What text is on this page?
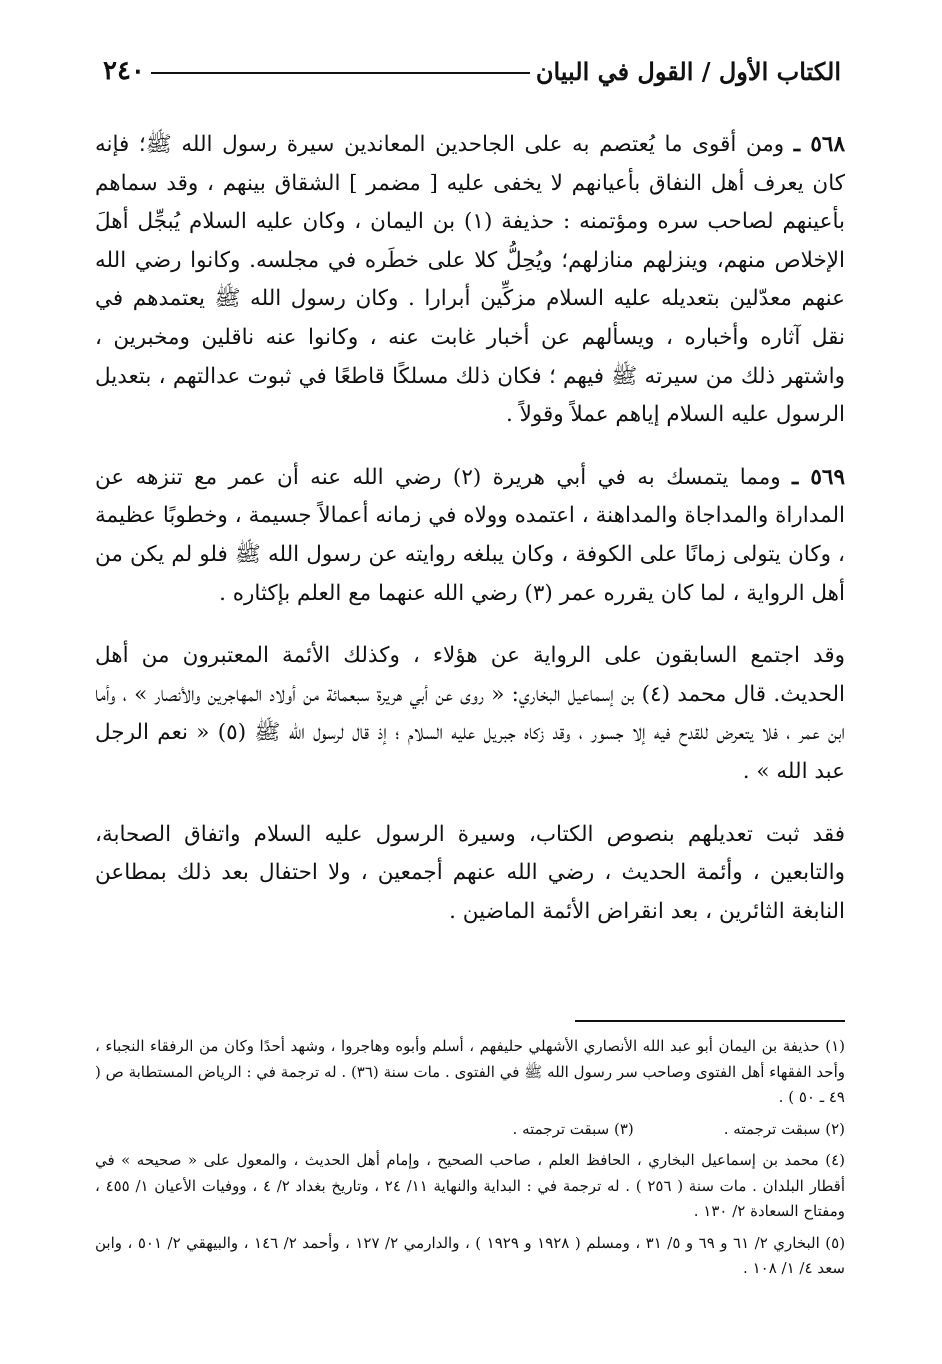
الكتاب الأول / القول في البيان
٢٤٠

٥٦٨ ـ ومن أقوى ما يُعتصم به على الجاحدين المعاندين سيرة رسول الله ﷺ؛ فإنه كان يعرف أهل النفاق بأعيانهم لا يخفى عليه [ مضمر ] الشقاق بينهم ، وقد سماهم بأعينهم لصاحب سره ومؤتمنه : حذيفة (١) بن اليمان ، وكان عليه السلام يُبجِّل أهلَ الإخلاص منهم، وينزلهم منازلهم؛ ويُحِلُّ كلا على خطَره في مجلسه. وكانوا رضي الله عنهم معدّلين بتعديله عليه السلام مزكِّين أبرارا . وكان رسول الله ﷺ يعتمدهم في نقل آثاره وأخباره ، ويسألهم عن أخبار غابت عنه ، وكانوا عنه ناقلين ومخبرين ، واشتهر ذلك من سيرته ﷺ فيهم ؛ فكان ذلك مسلكًا قاطعًا في ثبوت عدالتهم ، بتعديل الرسول عليه السلام إياهم عملاً وقولاً .

٥٦٩ ـ ومما يتمسك به في أبي هريرة (٢) رضي الله عنه أن عمر مع تنزهه عن المداراة والمداجاة والمداهنة ، اعتمده وولاه في زمانه أعمالاً جسيمة ، وخطوبًا عظيمة ، وكان يتولى زمانًا على الكوفة ، وكان يبلغه روايته عن رسول الله ﷺ فلو لم يكن من أهل الرواية ، لما كان يقرره عمر (٣) رضي الله عنهما مع العلم بإكثاره .

وقد اجتمع السابقون على الرواية عن هؤلاء ، وكذلك الأئمة المعتبرون من أهل الحديث. قال محمد (٤) بن إسماعيل البخاري: « روى عن أبي هريرة سبعمائة من أولاد المهاجرين والأنصار » ، وأما ابن عمر ، فلا يتعرض للقدح فيه إلا جسور ، وقد زكاه جبريل عليه السلام ؛ إذ قال لرسول الله ﷺ (٥) « نعم الرجل عبد الله » .

فقد ثبت تعديلهم بنصوص الكتاب، وسيرة الرسول عليه السلام واتفاق الصحابة، والتابعين ، وأئمة الحديث ، رضي الله عنهم أجمعين ، ولا احتفال بعد ذلك بمطاعن النابغة الثائرين ، بعد انقراض الأئمة الماضين .

(١) حذيفة بن اليمان أبو عبد الله الأنصاري الأشهلي حليفهم ، أسلم وأبوه وهاجروا ، وشهد أحدًا وكان من الرفقاء النجباء ، وأحد الفقهاء أهل الفتوى وصاحب سر رسول الله ﷺ في الفتوى . مات سنة (٣٦) . له ترجمة في : الرياض المستطابة ص ( ٤٩ ـ ٥٠ ) .

(٢) سبقت ترجمته .
(٣) سبقت ترجمته .

(٤) محمد بن إسماعيل البخاري ، الحافظ العلم ، صاحب الصحيح ، وإمام أهل الحديث ، والمعول على « صحيحه » في أقطار البلدان . مات سنة ( ٢٥٦ ) . له ترجمة في : البداية والنهاية ١١/ ٢٤ ، وتاريخ بغداد ٢/ ٤ ، ووفيات الأعيان ١/ ٤٥٥ ، ومفتاح السعادة ٢/ ١٣٠ .

(٥) البخاري ٢/ ٦١ و ٦٩ و ٥/ ٣١ ، ومسلم ( ١٩٢٨ و ١٩٢٩ ) ، والدارمي ٢/ ١٢٧ ، وأحمد ٢/ ١٤٦ ، والبيهقي ٢/ ٥٠١ ، وابن سعد ٤/ ١/ ١٠٨ .
